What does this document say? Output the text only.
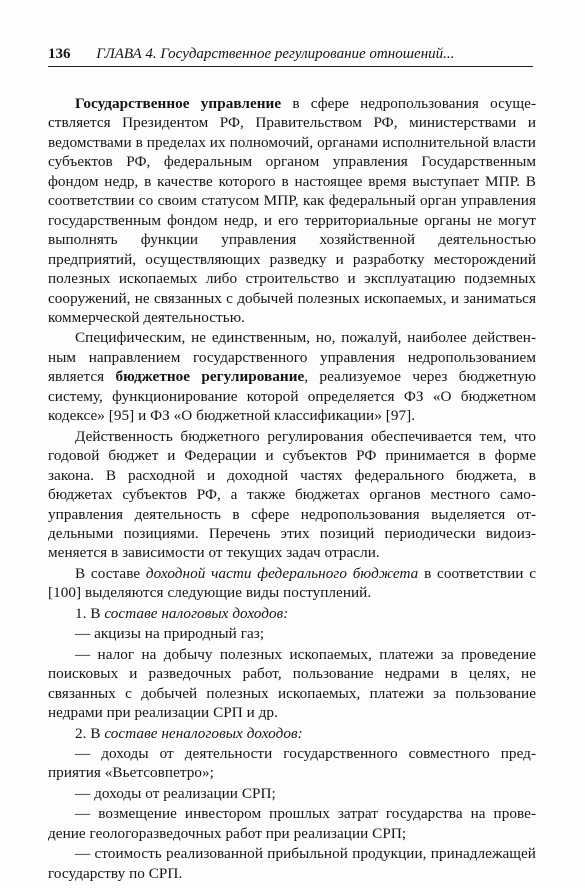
136 ГЛАВА 4. Государственное регулирование отношений...

Государственное управление в сфере недропользования осуществляется Президентом РФ, Правительством РФ, министерствами и ведомствами в пределах их полномочий, органами исполнительной власти субъектов РФ, федеральным органом управления Государственным фондом недр, в качестве которого в настоящее время выступает МПР. В соответствии со своим статусом МПР, как федеральный орган управления государственным фондом недр, и его территориальные органы не могут выполнять функции управления хозяйственной деятельностью предприятий, осуществляющих разведку и разработку месторождений полезных ископаемых либо строительство и эксплуатацию подземных сооружений, не связанных с добычей полезных ископаемых, и заниматься коммерческой деятельностью.

Специфическим, не единственным, но, пожалуй, наиболее действенным направлением государственного управления недропользованием является бюджетное регулирование, реализуемое через бюджетную систему, функционирование которой определяется ФЗ «О бюджетном кодексе» [95] и ФЗ «О бюджетной классификации» [97].

Действенность бюджетного регулирования обеспечивается тем, что годовой бюджет и Федерации и субъектов РФ принимается в форме закона. В расходной и доходной частях федерального бюджета, в бюджетах субъектов РФ, а также бюджетах органов местного самоуправления деятельность в сфере недропользования выделяется отдельными позициями. Перечень этих позиций периодически видоизменяется в зависимости от текущих задач отрасли.

В составе доходной части федерального бюджета в соответствии с [100] выделяются следующие виды поступлений.

1. В составе налоговых доходов:

— акцизы на природный газ;

— налог на добычу полезных ископаемых, платежи за проведение поисковых и разведочных работ, пользование недрами в целях, не связанных с добычей полезных ископаемых, платежи за пользование недрами при реализации СРП и др.

2. В составе неналоговых доходов:

— доходы от деятельности государственного совместного предприятия «Вьетсовпетро»;

— доходы от реализации СРП;

— возмещение инвестором прошлых затрат государства на проведение геологоразведочных работ при реализации СРП;

— стоимость реализованной прибыльной продукции, принадлежащей государству по СРП.
